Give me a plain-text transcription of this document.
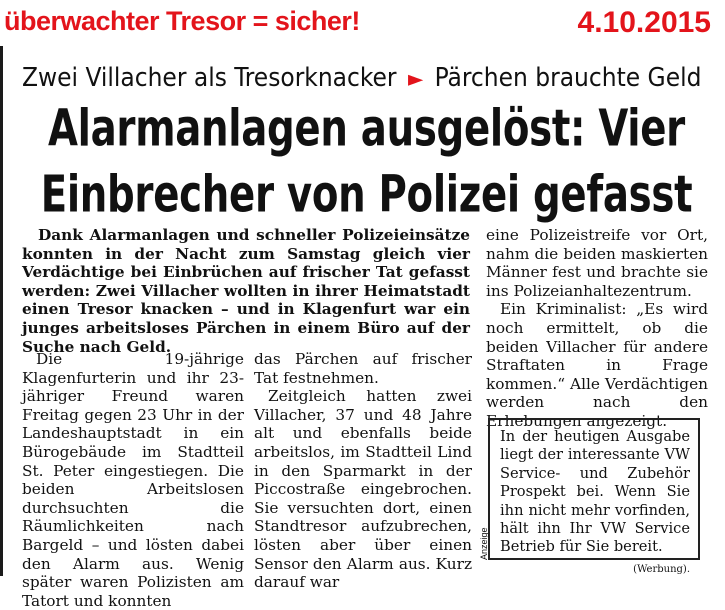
überwachter Tresor = sicher!	4.10.2015
Zwei Villacher als Tresorknacker ► Pärchen brauchte Geld
Alarmanlagen ausgelöst: Vier
Einbrecher von Polizei gefasst
Dank Alarmanlagen und schneller Polizeieinsätze konnten in der Nacht zum Samstag gleich vier Verdächtige bei Einbrüchen auf frischer Tat gefasst werden: Zwei Villacher wollten in ihrer Heimatstadt einen Tresor knacken – und in Klagenfurt war ein junges arbeitsloses Pärchen in einem Büro auf der Suche nach Geld.

Die 19-jährige Klagenfurterin und ihr 23-jähriger Freund waren Freitag gegen 23 Uhr in der Landeshauptstadt in ein Bürogebäude im Stadtteil St. Peter eingestiegen. Die beiden Arbeitslosen durchsuchten die Räumlichkeiten nach Bargeld – und lösten dabei den Alarm aus. Wenig später waren Polizisten am Tatort und konnten

das Pärchen auf frischer Tat festnehmen.

Zeitgleich hatten zwei Villacher, 37 und 48 Jahre alt und ebenfalls beide arbeitslos, im Stadtteil Lind in den Sparmarkt in der Piccostraße eingebrochen. Sie versuchten dort, einen Standtresor aufzubrechen, lösten aber über einen Sensor den Alarm aus. Kurz darauf war

eine Polizeistreife vor Ort, nahm die beiden maskierten Männer fest und brachte sie ins Polizeianhaltezentrum.

Ein Kriminalist: „Es wird noch ermittelt, ob die beiden Villacher für andere Straftaten in Frage kommen.“ Alle Verdächtigen werden nach den Erhebungen angezeigt.

In der heutigen Ausgabe liegt der interessante VW Service- und Zubehör Prospekt bei. Wenn Sie ihn nicht mehr vorfinden, hält ihn Ihr VW Service Betrieb für Sie bereit.
(Werbung).
Anzeige
